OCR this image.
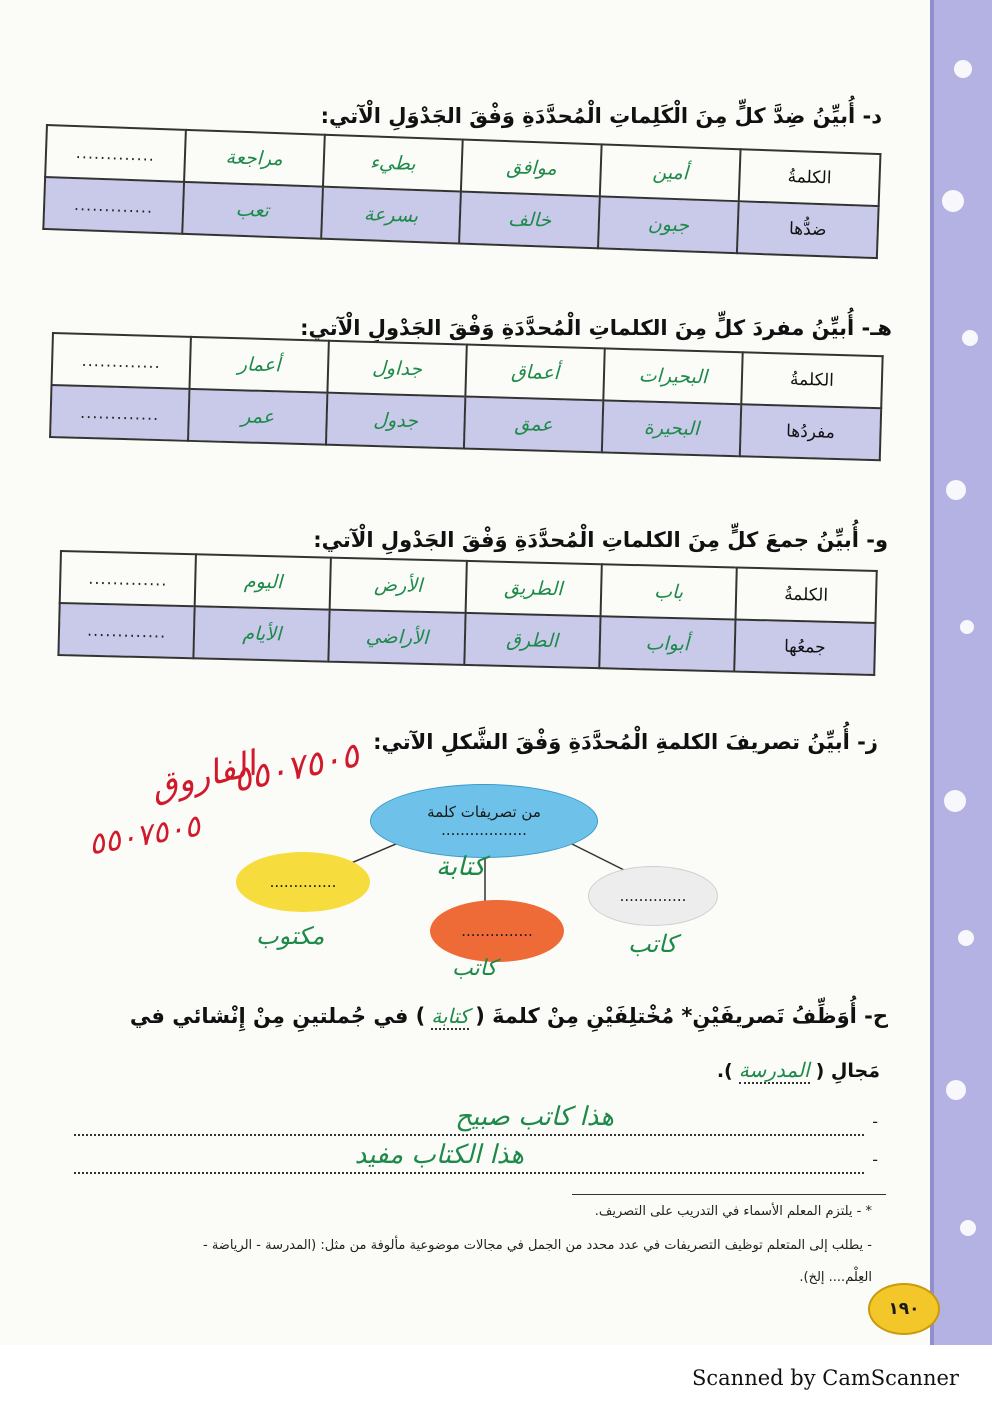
د- أُبيِّنُ ضِدَّ كلٍّ مِنَ الْكَلِماتِ الْمُحدَّدَةِ وَفْقَ الجَدْوَلِ الْآتي:
الكلمةُ	أمين	موافق	بطيء	مراجعة	.............
ضدُّها	جبون	خالف	بسرعة	تعب	.............
هـ- أُبيِّنُ مفردَ كلٍّ مِنَ الكلماتِ الْمُحدَّدَةِ وَفْقَ الجَدْولِ الْآتي:
الكلمةُ	البحيرات	أعماق	جداول	أعمار	.............
مفردُها	البحيرة	عمق	جدول	عمر	.............
و- أُبيِّنُ جمعَ كلٍّ مِنَ الكلماتِ الْمُحدَّدَةِ وَفْقَ الجَدْولِ الْآتي:
الكلمةُ	باب	الطريق	الأرض	اليوم	.............
جمعُها	أبواب	الطرق	الأراضي	الأيام	.............
ز- أُبيِّنُ تصريفَ الكلمةِ الْمُحدَّدَةِ وَفْقَ الشَّكلِ الآتي:
من تصريفات كلمة
..................
كتابة
..............
مكتوب	...............
كاتب
..............
كاتب
الفاروق
٥٥٠٧٥٠٥
٥٥٠٧٥٠٥
ح- أُوَظِّفُ تَصريفَيْنِ* مُخْتلِفَيْنِ مِنْ كلمةَ (
كتابة
) في جُملتينِ مِنْ إِنْشائي في
مَجالِ (
المدرسة
).
-
هذا كاتب صبيح
-
هذا الكتاب مفيد
* - يلتزم المعلم الأسماء في التدريب على التصريف.
- يطلب إلى المتعلم توظيف التصريفات في عدد محدد من الجمل في مجالات موضوعية مألوفة من مثل: (المدرسة - الرياضة -
العِلْم.... إلخ).
١٩٠
Scanned by CamScanner
